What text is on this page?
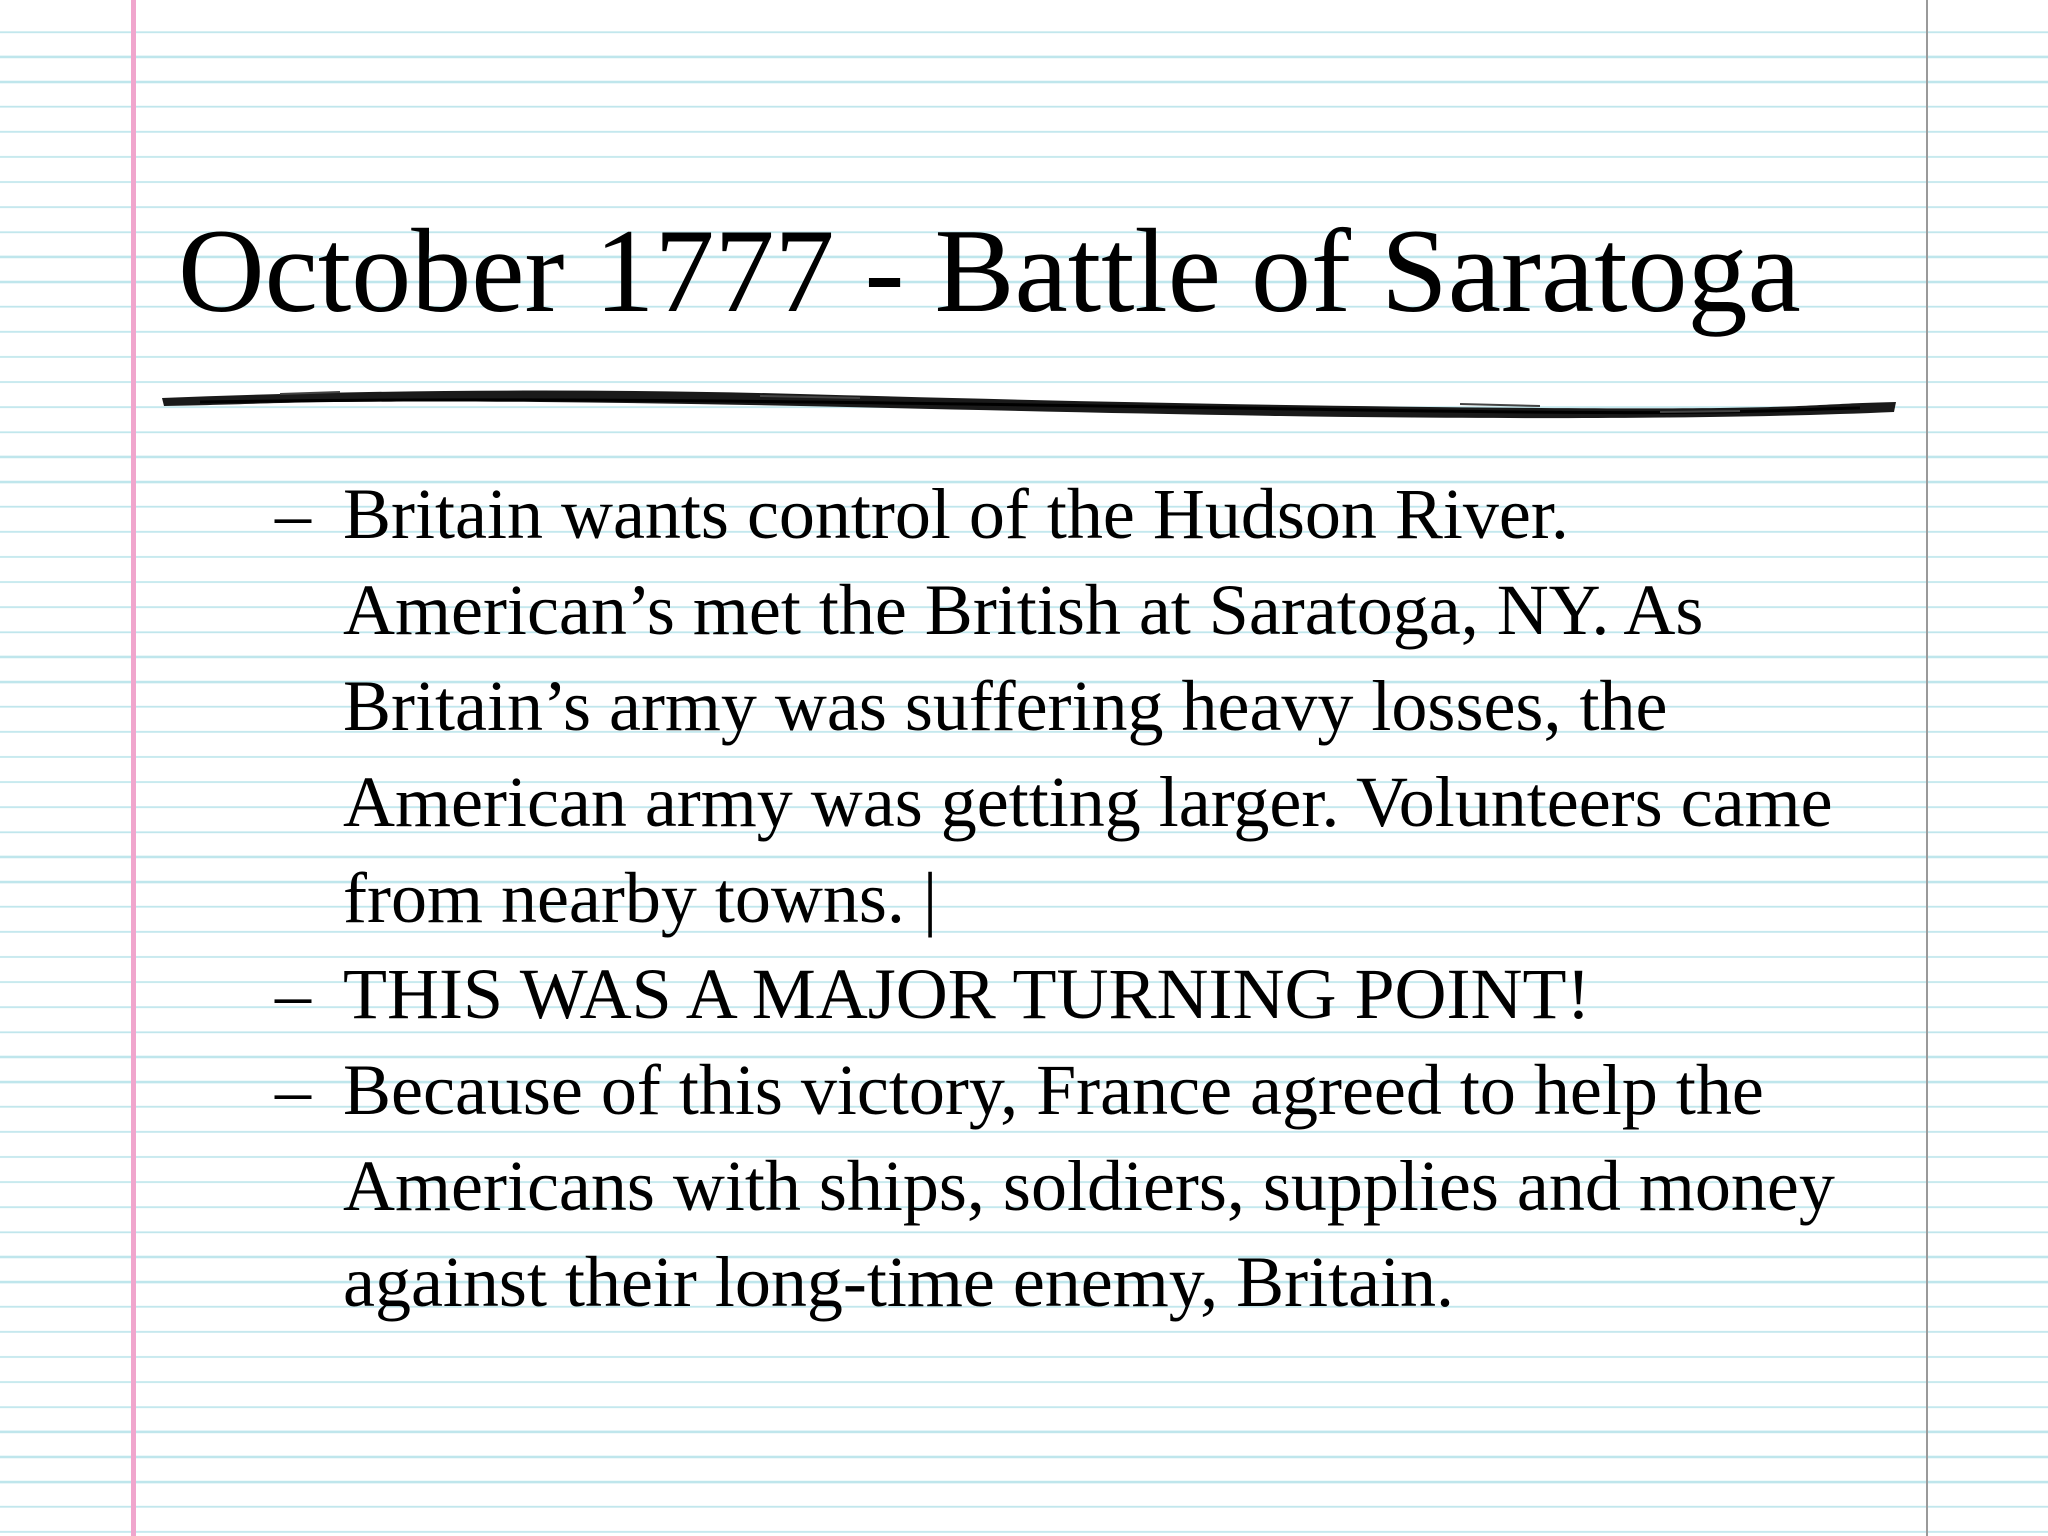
October 1777 - Battle of Saratoga
– Britain wants control of the Hudson River. American’s met the British at Saratoga, NY. As Britain’s army was suffering heavy losses, the American army was getting larger. Volunteers came from nearby towns. |
– THIS WAS A MAJOR TURNING POINT!
– Because of this victory, France agreed to help the Americans with ships, soldiers, supplies and money against their long-time enemy, Britain.
